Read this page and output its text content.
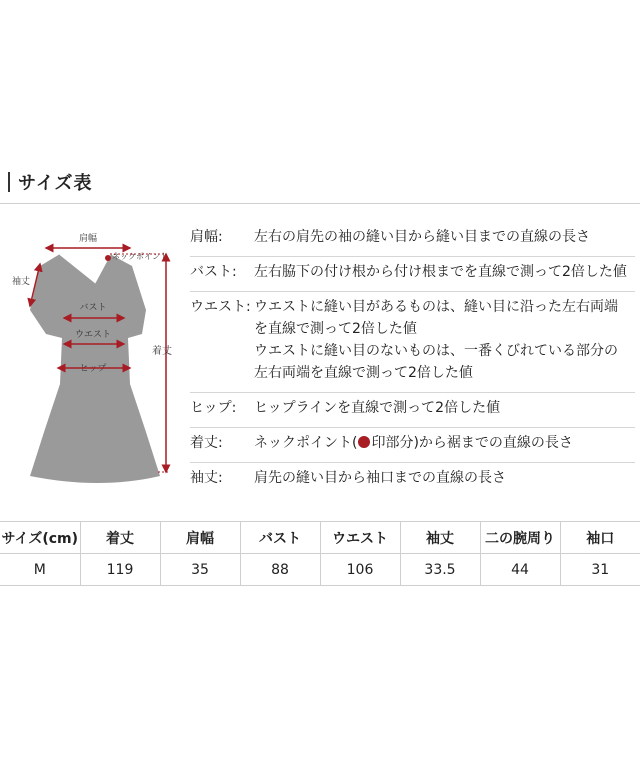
サイズ表
肩幅
ネックポイント
袖丈
バスト
ウエスト
ヒップ
着丈
肩幅:	左右の肩先の袖の縫い目から縫い目までの直線の長さ
バスト:	左右脇下の付け根から付け根までを直線で測って2倍した値
ウエスト: ウエストに縫い目があるものは、縫い目に沿った左右両端
を直線で測って2倍した値
ウエストに縫い目のないものは、一番くびれている部分の
左右両端を直線で測って2倍した値
ヒップ:	ヒップラインを直線で測って2倍した値
着丈:	ネックポイント( 印部分)から裾までの直線の長さ
袖丈:	肩先の縫い目から袖口までの直線の長さ
サイズ(cm)	着丈	肩幅	バスト	ウエスト	袖丈	二の腕周り	袖口
M	119	35	88	106	33.5	44	31
